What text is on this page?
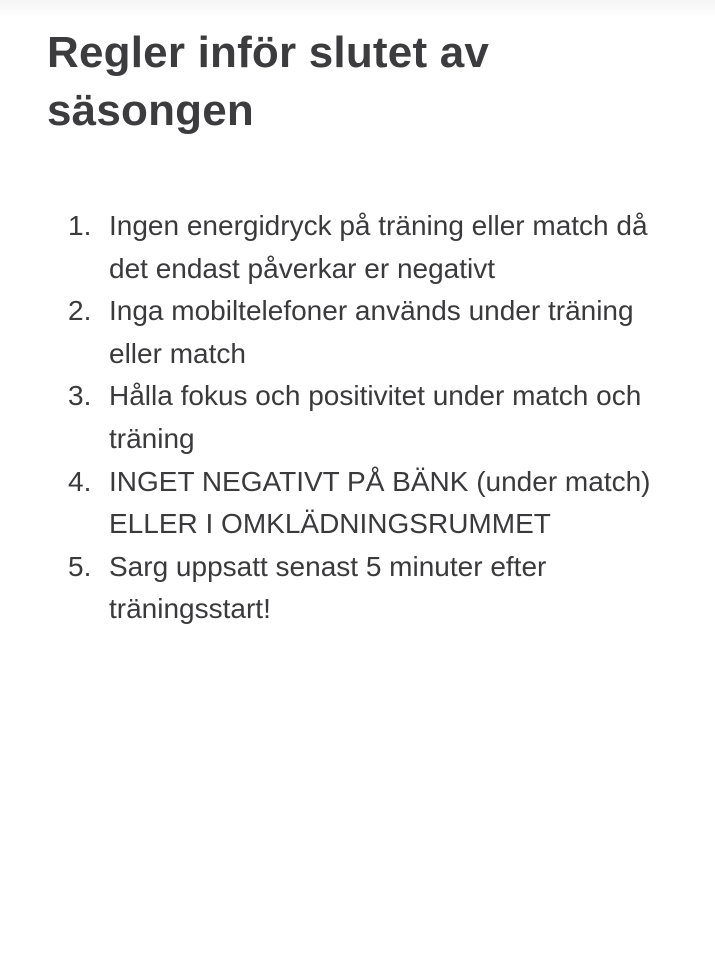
Regler inför slutet av säsongen
1. Ingen energidryck på träning eller match då det endast påverkar er negativt
2. Inga mobiltelefoner används under träning eller match
3. Hålla fokus och positivitet under match och träning
4. INGET NEGATIVT PÅ BÄNK (under match) ELLER I OMKLÄDNINGSRUMMET
5. Sarg uppsatt senast 5 minuter efter träningsstart!
